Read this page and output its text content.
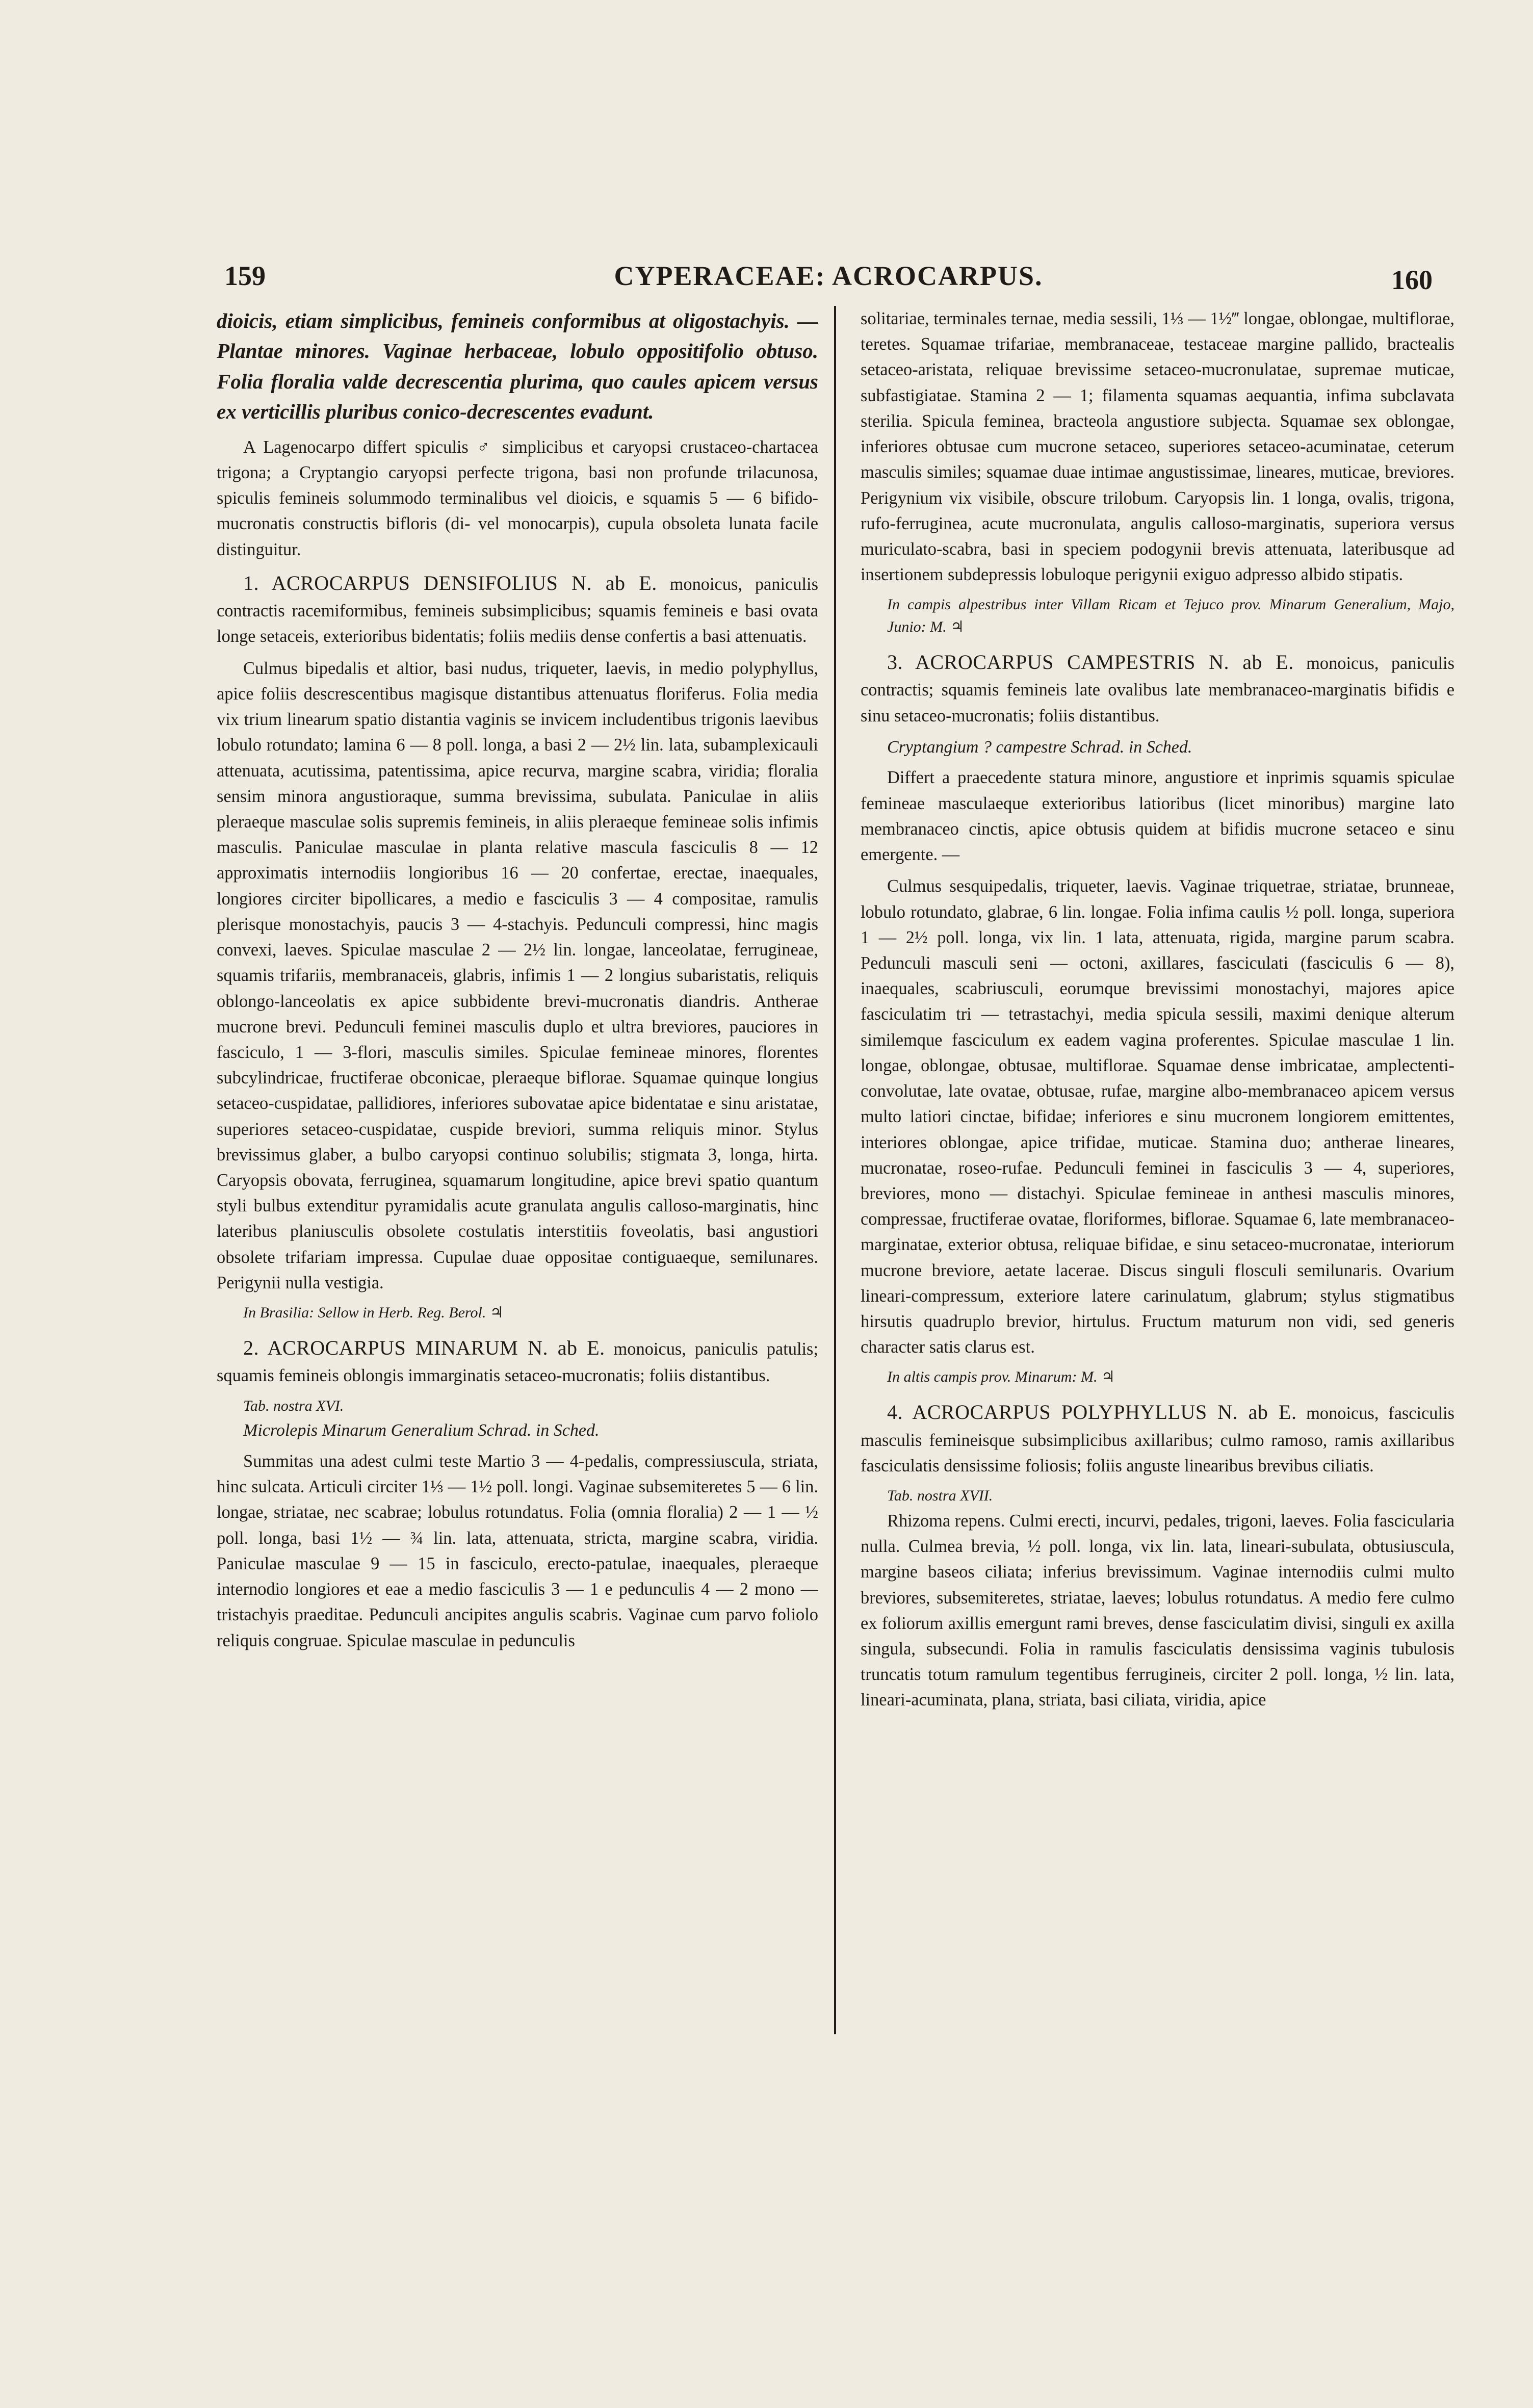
159	CYPERACEAE: ACROCARPUS.	160

dioicis, etiam simplicibus, femineis conformibus at oligostachyis. — Plantae minores. Vaginae herbaceae, lobulo oppositifolio obtuso. Folia floralia valde decrescentia plurima, quo caules apicem versus ex verticillis pluribus conico-decrescentes evadunt.

A Lagenocarpo differt spiculis ♂ simplicibus et caryopsi crustaceo-chartacea trigona; a Cryptangio caryopsi perfecte trigona, basi non profunde trilacunosa, spiculis femineis solummodo terminalibus vel dioicis, e squamis 5 — 6 bifido-mucronatis constructis bifloris (di- vel monocarpis), cupula obsoleta lunata facile distinguitur.

1. ACROCARPUS DENSIFOLIUS N. ab E. monoicus, paniculis contractis racemiformibus, femineis subsimplicibus; squamis femineis e basi ovata longe setaceis, exterioribus bidentatis; foliis mediis dense confertis a basi attenuatis.

Culmus bipedalis et altior, basi nudus, triqueter, laevis, in medio polyphyllus, apice foliis descrescentibus magisque distantibus attenuatus floriferus. Folia media vix trium linearum spatio distantia vaginis se invicem includentibus trigonis laevibus lobulo rotundato; lamina 6 — 8 poll. longa, a basi 2 — 2½ lin. lata, subamplexicauli attenuata, acutissima, patentissima, apice recurva, margine scabra, viridia; floralia sensim minora angustioraque, summa brevissima, subulata. Paniculae in aliis pleraeque masculae solis supremis femineis, in aliis pleraeque femineae solis infimis masculis. Paniculae masculae in planta relative mascula fasciculis 8 — 12 approximatis internodiis longioribus 16 — 20 confertae, erectae, inaequales, longiores circiter bipollicares, a medio e fasciculis 3 — 4 compositae, ramulis plerisque monostachyis, paucis 3 — 4-stachyis. Pedunculi compressi, hinc magis convexi, laeves. Spiculae masculae 2 — 2½ lin. longae, lanceolatae, ferrugineae, squamis trifariis, membranaceis, glabris, infimis 1 — 2 longius subaristatis, reliquis oblongo-lanceolatis ex apice subbidente brevi-mucronatis diandris. Antherae mucrone brevi. Pedunculi feminei masculis duplo et ultra breviores, pauciores in fasciculo, 1 — 3-flori, masculis similes. Spiculae femineae minores, florentes subcylindricae, fructiferae obconicae, pleraeque biflorae. Squamae quinque longius setaceo-cuspidatae, pallidiores, inferiores subovatae apice bidentatae e sinu aristatae, superiores setaceo-cuspidatae, cuspide breviori, summa reliquis minor. Stylus brevissimus glaber, a bulbo caryopsi continuo solubilis; stigmata 3, longa, hirta. Caryopsis obovata, ferruginea, squamarum longitudine, apice brevi spatio quantum styli bulbus extenditur pyramidalis acute granulata angulis calloso-marginatis, hinc lateribus planiusculis obsolete costulatis interstitiis foveolatis, basi angustiori obsolete trifariam impressa. Cupulae duae oppositae contiguaeque, semilunares. Perigynii nulla vestigia.

In Brasilia: Sellow in Herb. Reg. Berol. ♃

2. ACROCARPUS MINARUM N. ab E. monoicus, paniculis patulis; squamis femineis oblongis immarginatis setaceo-mucronatis; foliis distantibus.

Tab. nostra XVI.

Microlepis Minarum Generalium Schrad. in Sched.

Summitas una adest culmi teste Martio 3 — 4-pedalis, compressiuscula, striata, hinc sulcata. Articuli circiter 1⅓ — 1½ poll. longi. Vaginae subsemiteretes 5 — 6 lin. longae, striatae, nec scabrae; lobulus rotundatus. Folia (omnia floralia) 2 — 1 — ½ poll. longa, basi 1½ — ¾ lin. lata, attenuata, stricta, margine scabra, viridia. Paniculae masculae 9 — 15 in fasciculo, erecto-patulae, inaequales, pleraeque internodio longiores et eae a medio fasciculis 3 — 1 e pedunculis 4 — 2 mono — tristachyis praeditae. Pedunculi ancipites angulis scabris. Vaginae cum parvo foliolo reliquis congruae. Spiculae masculae in pedunculis

solitariae, terminales ternae, media sessili, 1⅓ — 1½‴ longae, oblongae, multiflorae, teretes. Squamae trifariae, membranaceae, testaceae margine pallido, bractealis setaceo-aristata, reliquae brevissime setaceo-mucronulatae, supremae muticae, subfastigiatae. Stamina 2 — 1; filamenta squamas aequantia, infima subclavata sterilia. Spicula feminea, bracteola angustiore subjecta. Squamae sex oblongae, inferiores obtusae cum mucrone setaceo, superiores setaceo-acuminatae, ceterum masculis similes; squamae duae intimae angustissimae, lineares, muticae, breviores. Perigynium vix visibile, obscure trilobum. Caryopsis lin. 1 longa, ovalis, trigona, rufo-ferruginea, acute mucronulata, angulis calloso-marginatis, superiora versus muriculato-scabra, basi in speciem podogynii brevis attenuata, lateribusque ad insertionem subdepressis lobuloque perigynii exiguo adpresso albido stipatis.

In campis alpestribus inter Villam Ricam et Tejuco prov. Minarum Generalium, Majo, Junio: M. ♃

3. ACROCARPUS CAMPESTRIS N. ab E. monoicus, paniculis contractis; squamis femineis late ovalibus late membranaceo-marginatis bifidis e sinu setaceo-mucronatis; foliis distantibus.

Cryptangium ? campestre Schrad. in Sched.

Differt a praecedente statura minore, angustiore et inprimis squamis spiculae femineae masculaeque exterioribus latioribus (licet minoribus) margine lato membranaceo cinctis, apice obtusis quidem at bifidis mucrone setaceo e sinu emergente. —

Culmus sesquipedalis, triqueter, laevis. Vaginae triquetrae, striatae, brunneae, lobulo rotundato, glabrae, 6 lin. longae. Folia infima caulis ½ poll. longa, superiora 1 — 2½ poll. longa, vix lin. 1 lata, attenuata, rigida, margine parum scabra. Pedunculi masculi seni — octoni, axillares, fasciculati (fasciculis 6 — 8), inaequales, scabriusculi, eorumque brevissimi monostachyi, majores apice fasciculatim tri — tetrastachyi, media spicula sessili, maximi denique alterum similemque fasciculum ex eadem vagina proferentes. Spiculae masculae 1 lin. longae, oblongae, obtusae, multiflorae. Squamae dense imbricatae, amplectenti-convolutae, late ovatae, obtusae, rufae, margine albo-membranaceo apicem versus multo latiori cinctae, bifidae; inferiores e sinu mucronem longiorem emittentes, interiores oblongae, apice trifidae, muticae. Stamina duo; antherae lineares, mucronatae, roseo-rufae. Pedunculi feminei in fasciculis 3 — 4, superiores, breviores, mono — distachyi. Spiculae femineae in anthesi masculis minores, compressae, fructiferae ovatae, floriformes, biflorae. Squamae 6, late membranaceo-marginatae, exterior obtusa, reliquae bifidae, e sinu setaceo-mucronatae, interiorum mucrone breviore, aetate lacerae. Discus singuli flosculi semilunaris. Ovarium lineari-compressum, exteriore latere carinulatum, glabrum; stylus stigmatibus hirsutis quadruplo brevior, hirtulus. Fructum maturum non vidi, sed generis character satis clarus est.

In altis campis prov. Minarum: M. ♃

4. ACROCARPUS POLYPHYLLUS N. ab E. monoicus, fasciculis masculis femineisque subsimplicibus axillaribus; culmo ramoso, ramis axillaribus fasciculatis densissime foliosis; foliis anguste linearibus brevibus ciliatis.

Tab. nostra XVII.

Rhizoma repens. Culmi erecti, incurvi, pedales, trigoni, laeves. Folia fascicularia nulla. Culmea brevia, ½ poll. longa, vix lin. lata, lineari-subulata, obtusiuscula, margine baseos ciliata; inferius brevissimum. Vaginae internodiis culmi multo breviores, subsemiteretes, striatae, laeves; lobulus rotundatus. A medio fere culmo ex foliorum axillis emergunt rami breves, dense fasciculatim divisi, singuli ex axilla singula, subsecundi. Folia in ramulis fasciculatis densissima vaginis tubulosis truncatis totum ramulum tegentibus ferrugineis, circiter 2 poll. longa, ½ lin. lata, lineari-acuminata, plana, striata, basi ciliata, viridia, apice
